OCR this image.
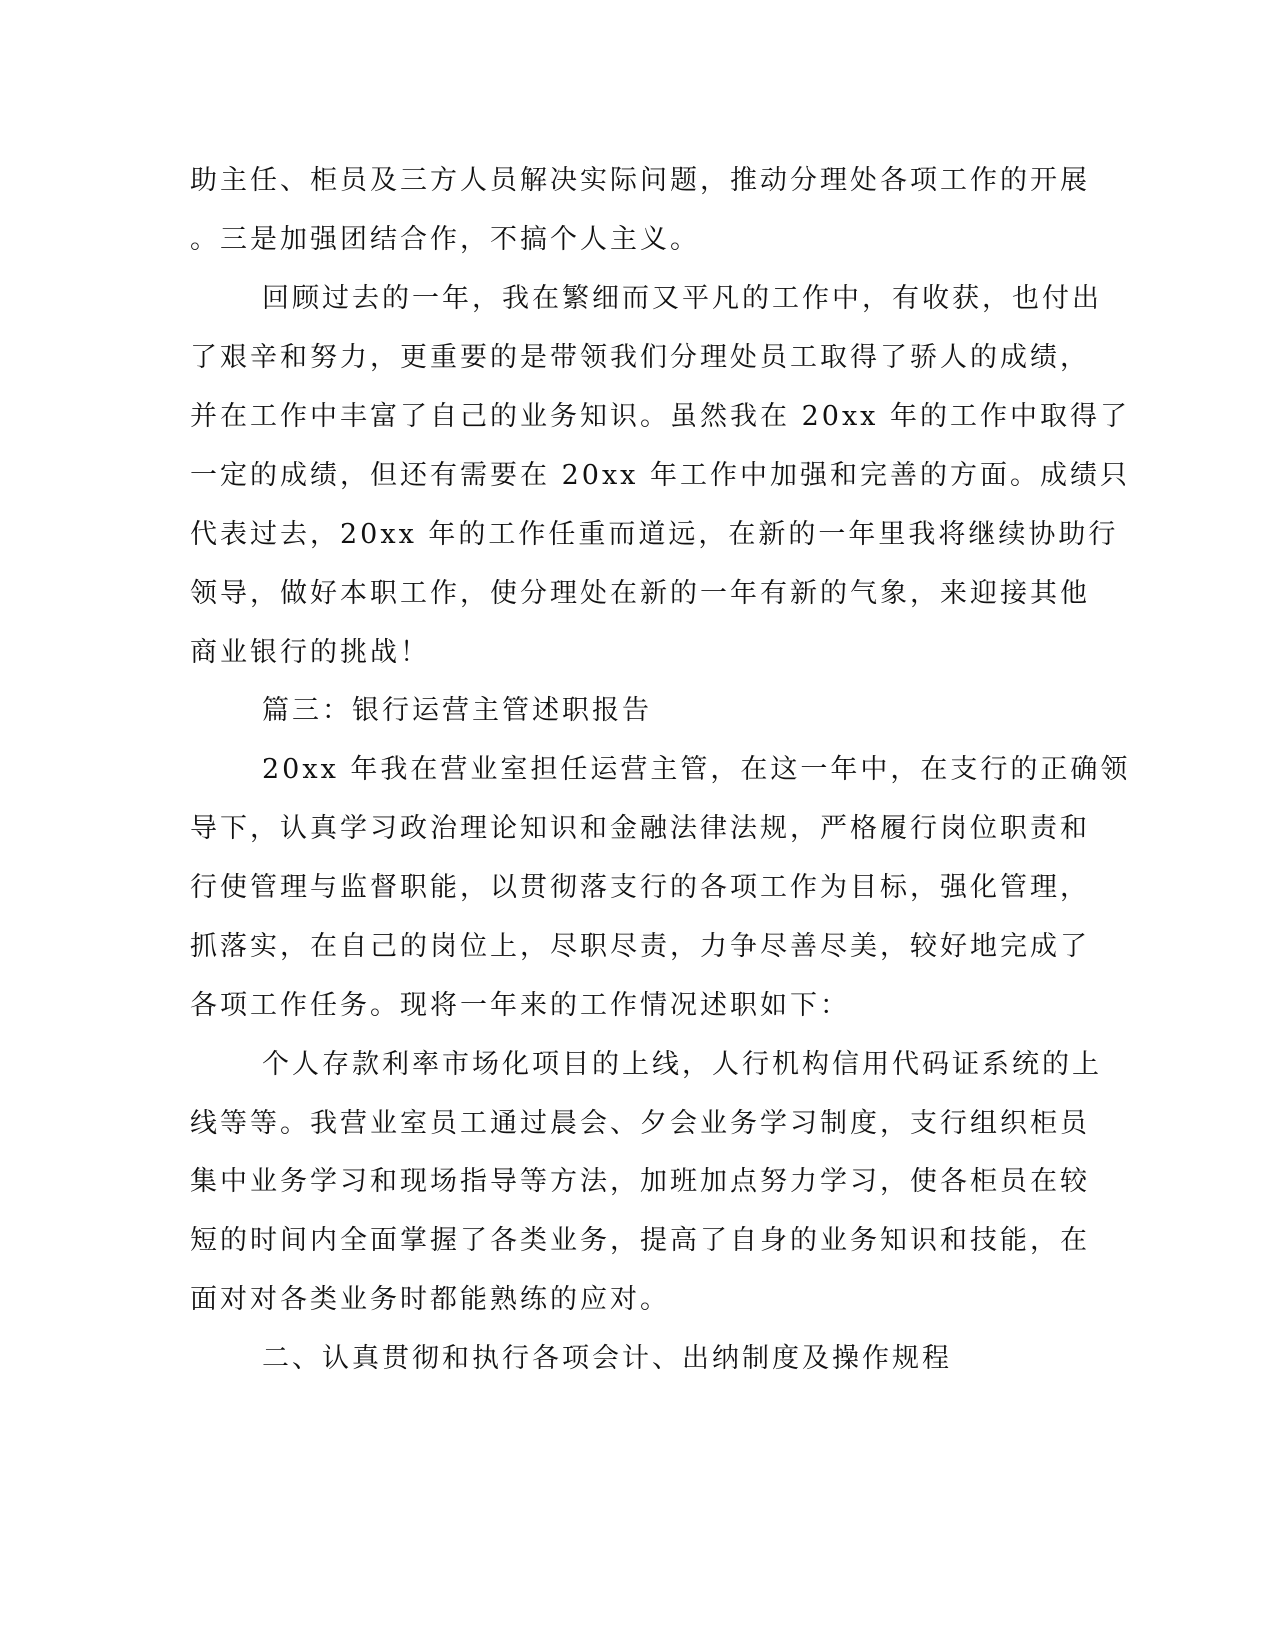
助主任、柜员及三方人员解决实际问题，推动分理处各项工作的开展
。三是加强团结合作，不搞个人主义。
回顾过去的一年，我在繁细而又平凡的工作中，有收获，也付出
了艰辛和努力，更重要的是带领我们分理处员工取得了骄人的成绩，
并在工作中丰富了自己的业务知识。虽然我在 20xx 年的工作中取得了
一定的成绩，但还有需要在 20xx 年工作中加强和完善的方面。成绩只
代表过去，20xx 年的工作任重而道远，在新的一年里我将继续协助行
领导，做好本职工作，使分理处在新的一年有新的气象，来迎接其他
商业银行的挑战！
篇三：银行运营主管述职报告
20xx 年我在营业室担任运营主管，在这一年中，在支行的正确领
导下，认真学习政治理论知识和金融法律法规，严格履行岗位职责和
行使管理与监督职能，以贯彻落支行的各项工作为目标，强化管理，
抓落实，在自己的岗位上，尽职尽责，力争尽善尽美，较好地完成了
各项工作任务。现将一年来的工作情况述职如下：
个人存款利率市场化项目的上线，人行机构信用代码证系统的上
线等等。我营业室员工通过晨会、夕会业务学习制度，支行组织柜员
集中业务学习和现场指导等方法，加班加点努力学习，使各柜员在较
短的时间内全面掌握了各类业务，提高了自身的业务知识和技能，在
面对对各类业务时都能熟练的应对。
二、认真贯彻和执行各项会计、出纳制度及操作规程
